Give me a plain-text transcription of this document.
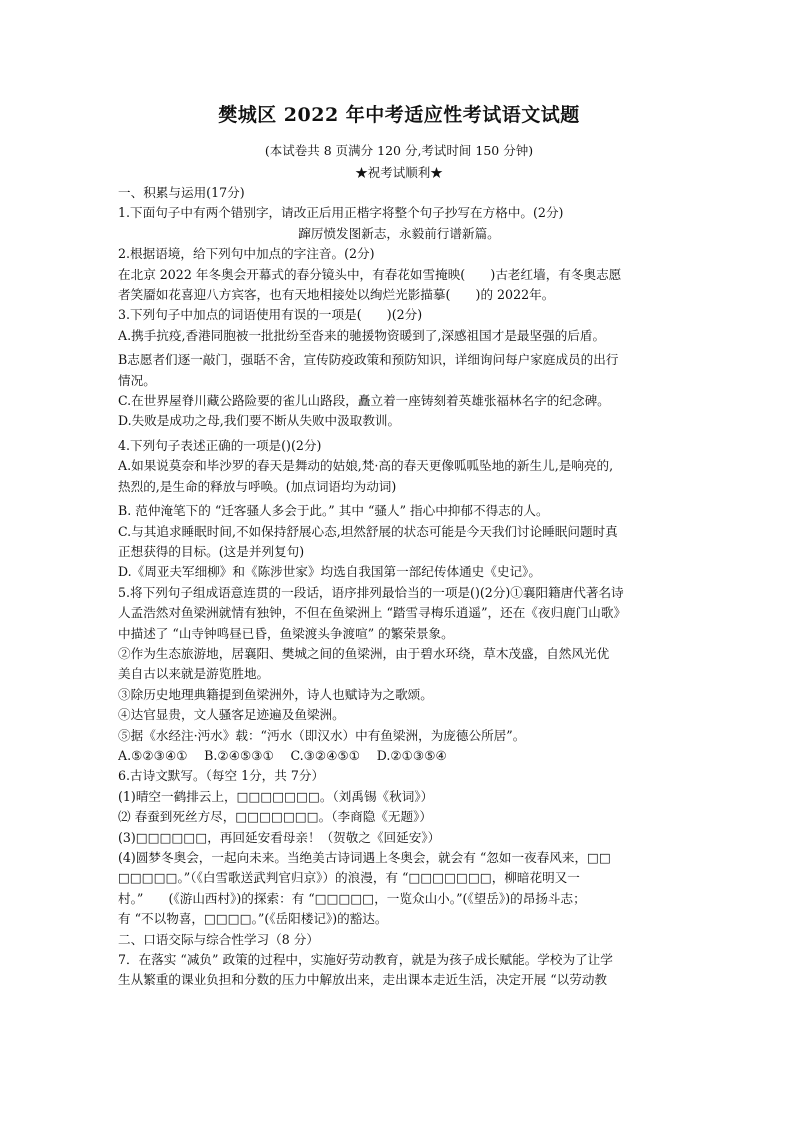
樊城区 2022 年中考适应性考试语文试题
(本试卷共 8 页满分 120 分,考试时间 150 分钟)
★祝考试顺利★
一、积累与运用(17分)
1.下面句子中有两个错别字，请改正后用正楷字将整个句子抄写在方格中。(2分)
蹿厉愤发图新志，永毅前行谱新篇。
2.根据语境，给下列句中加点的字注音。(2分)
在北京 2022 年冬奥会开幕式的春分镜头中，有春花如雪掩映(　　)古老红墙，有冬奥志愿
者笑靥如花喜迎八方宾客，也有天地相接处以绚烂光影描摹(　　)的 2022年。
3.下列句子中加点的词语使用有误的一项是(　　)(2分)
A.携手抗疫,香港同胞被一批批纷至沓来的驰援物资暖到了,深感祖国才是最坚强的后盾。
B志愿者们逐一敲门，强聒不舍，宣传防疫政策和预防知识，详细询问每户家庭成员的出行
情况。
C.在世界屋脊川藏公路险要的雀儿山路段，矗立着一座铸刻着英雄张福林名字的纪念碑。
D.失败是成功之母,我们要不断从失败中汲取教训。
4.下列句子表述正确的一项是()(2分)
A.如果说莫奈和毕沙罗的春天是舞动的姑娘,梵·高的春天更像呱呱坠地的新生儿,是响亮的,
热烈的,是生命的释放与呼唤。(加点词语均为动词)
B. 范仲淹笔下的 “迁客骚人多会于此。” 其中 “骚人” 指心中抑郁不得志的人。
C.与其追求睡眠时间,不如保持舒展心态,坦然舒展的状态可能是今天我们讨论睡眠问题时真
正想获得的目标。(这是并列复句)
D.《周亚夫军细柳》和《陈涉世家》均选自我国第一部纪传体通史《史记》。
5.将下列句子组成语意连贯的一段话，语序排列最恰当的一项是()(2分)①襄阳籍唐代著名诗
人孟浩然对鱼梁洲就情有独钟，不但在鱼梁洲上 “踏雪寻梅乐逍遥”，还在《夜归鹿门山歌》
中描述了 “山寺钟鸣昼已昏，鱼梁渡头争渡喧” 的繁荣景象。
②作为生态旅游地，居襄阳、樊城之间的鱼梁洲，由于碧水环绕，草木茂盛，自然风光优
美自古以来就是游览胜地。
③除历史地理典籍提到鱼梁洲外，诗人也赋诗为之歌颂。
④达官显贵，文人骚客足迹遍及鱼梁洲。
⑤据《水经注·沔水》载：“沔水（即汉水）中有鱼梁洲，为庞德公所居”。
A.⑤②③④①　 B.②④⑤③①　 C.③②④⑤①　 D.②①③⑤④
6.古诗文默写。（每空 1分，共 7分）
(1)晴空一鹤排云上，□□□□□□□。（刘禹锡《秋词》）
⑵ 春蚕到死丝方尽，□□□□□□□。（李商隐《无题》）
(3)□□□□□□，再回延安看母亲！（贺敬之《回延安》）
(4)圆梦冬奥会，一起向未来。当绝美古诗词遇上冬奥会，就会有 “忽如一夜春风来，□□
□□□□□。”（《白雪歌送武判官归京》）的浪漫，有 “□□□□□□□，柳暗花明又一
村。”　　(《游山西村》)的探索：有 “□□□□□，一览众山小。”(《望岳》)的昂扬斗志；
有 “不以物喜，□□□□。”(《岳阳楼记》)的豁达。
二、口语交际与综合性学习（8 分）
7．在落实 “减负” 政策的过程中，实施好劳动教育，就是为孩子成长赋能。学校为了让学
生从繁重的课业负担和分数的压力中解放出来，走出课本走近生活，决定开展 “以劳动教
